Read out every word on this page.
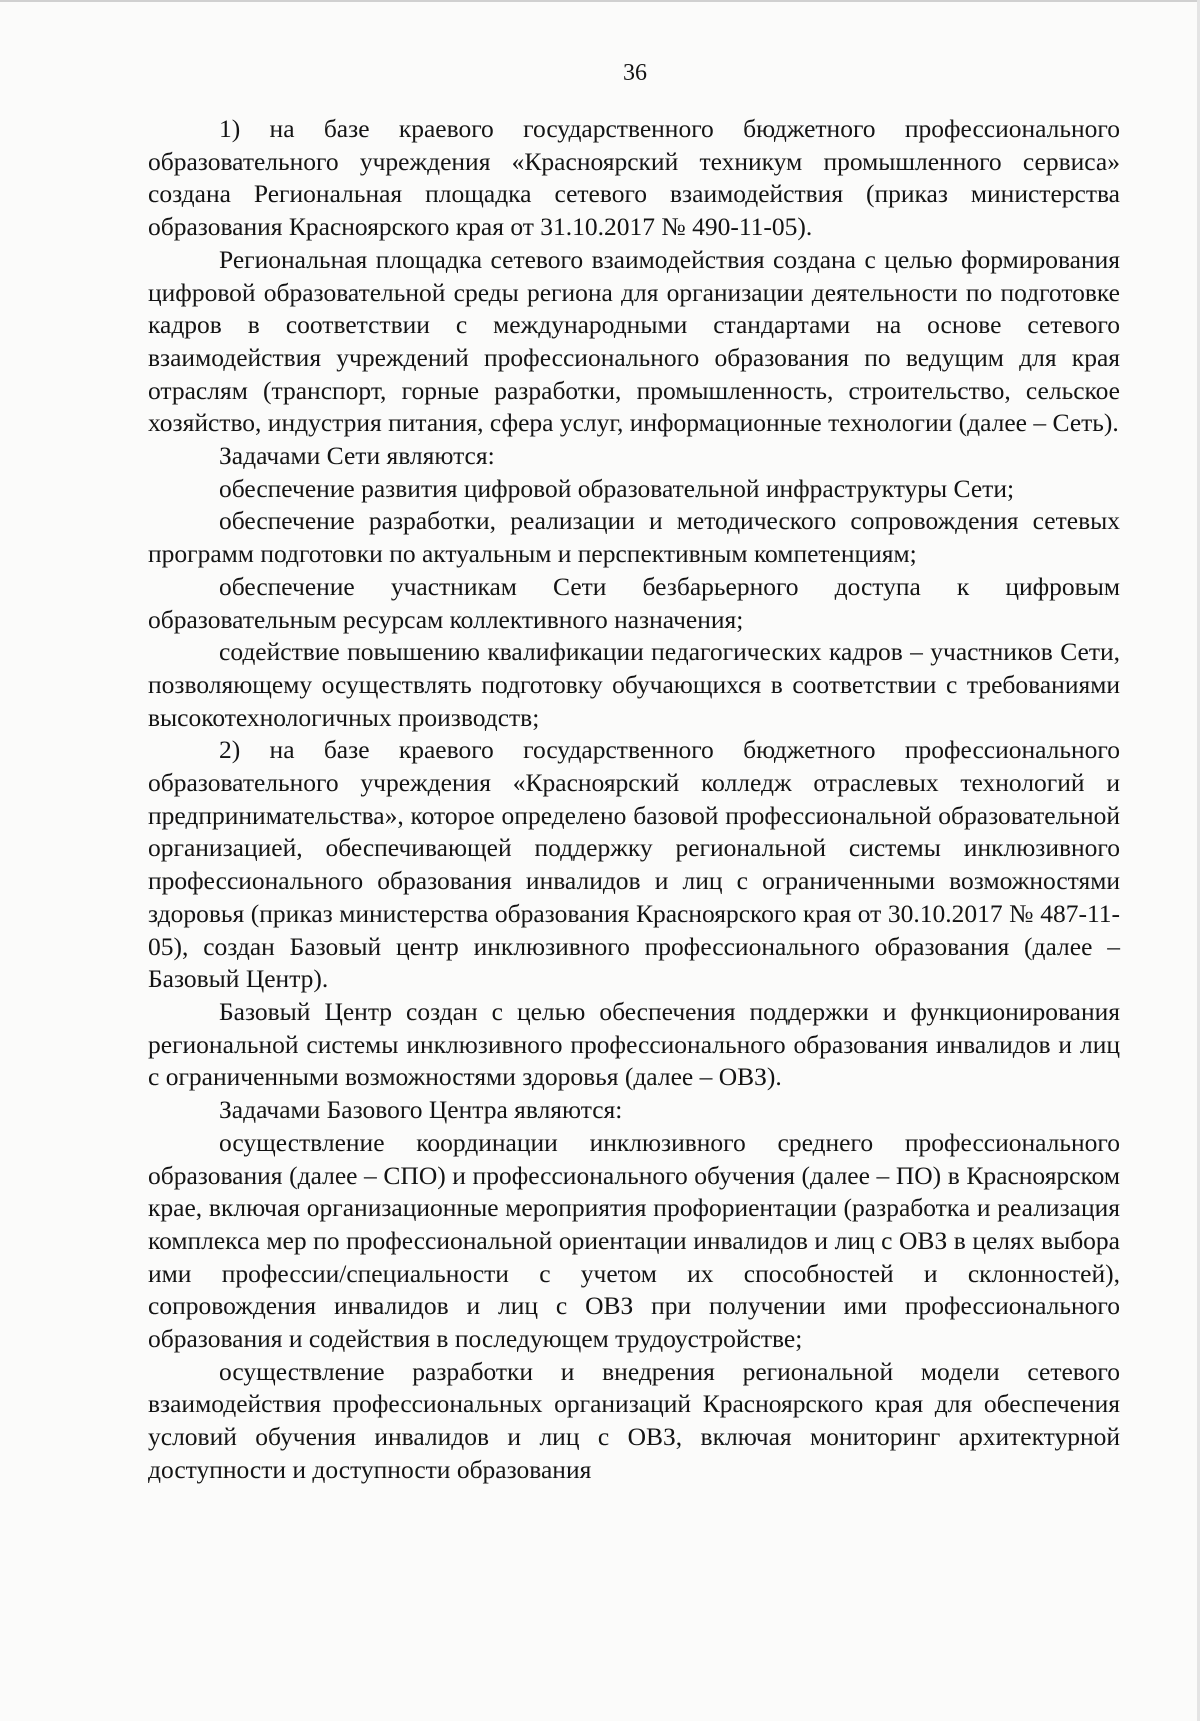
36

1) на базе краевого государственного бюджетного профессионального образовательного учреждения «Красноярский техникум промышленного сервиса» создана Региональная площадка сетевого взаимодействия (приказ министерства образования Красноярского края от 31.10.2017 № 490-11-05).

Региональная площадка сетевого взаимодействия создана с целью формирования цифровой образовательной среды региона для организации деятельности по подготовке кадров в соответствии с международными стандартами на основе сетевого взаимодействия учреждений профессионального образования по ведущим для края отраслям (транспорт, горные разработки, промышленность, строительство, сельское хозяйство, индустрия питания, сфера услуг, информационные технологии (далее – Сеть).

Задачами Сети являются:

обеспечение развития цифровой образовательной инфраструктуры Сети;

обеспечение разработки, реализации и методического сопровождения сетевых программ подготовки по актуальным и перспективным компетенциям;

обеспечение участникам Сети безбарьерного доступа к цифровым образовательным ресурсам коллективного назначения;

содействие повышению квалификации педагогических кадров – участников Сети, позволяющему осуществлять подготовку обучающихся в соответствии с требованиями высокотехнологичных производств;

2) на базе краевого государственного бюджетного профессионального образовательного учреждения «Красноярский колледж отраслевых технологий и предпринимательства», которое определено базовой профессиональной образовательной организацией, обеспечивающей поддержку региональной системы инклюзивного профессионального образования инвалидов и лиц с ограниченными возможностями здоровья (приказ министерства образования Красноярского края от 30.10.2017 № 487-11-05), создан Базовый центр инклюзивного профессионального образования (далее – Базовый Центр).

Базовый Центр создан с целью обеспечения поддержки и функционирования региональной системы инклюзивного профессионального образования инвалидов и лиц с ограниченными возможностями здоровья (далее – ОВЗ).

Задачами Базового Центра являются:

осуществление координации инклюзивного среднего профессионального образования (далее – СПО) и профессионального обучения (далее – ПО) в Красноярском крае, включая организационные мероприятия профориентации (разработка и реализация комплекса мер по профессиональной ориентации инвалидов и лиц с ОВЗ в целях выбора ими профессии/специальности с учетом их способностей и склонностей), сопровождения инвалидов и лиц с ОВЗ при получении ими профессионального образования и содействия в последующем трудоустройстве;

осуществление разработки и внедрения региональной модели сетевого взаимодействия профессиональных организаций Красноярского края для обеспечения условий обучения инвалидов и лиц с ОВЗ, включая мониторинг архитектурной доступности и доступности образования
